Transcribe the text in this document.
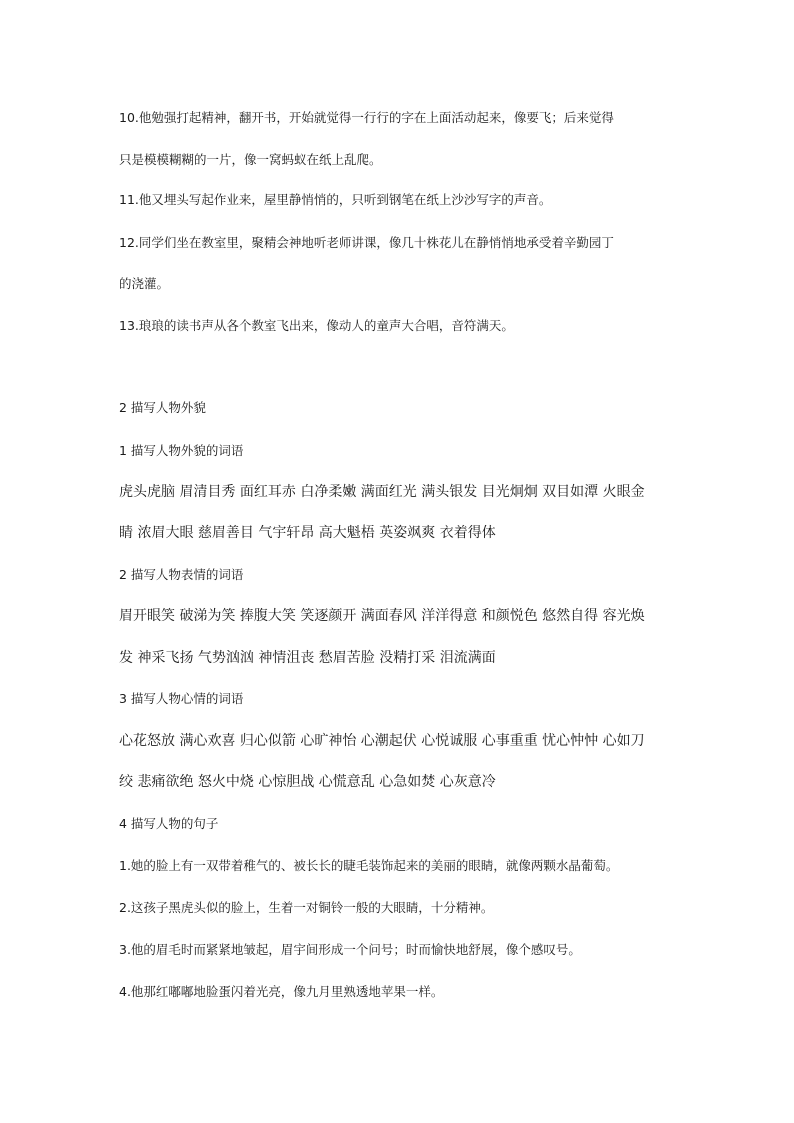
10.他勉强打起精神，翻开书，开始就觉得一行行的字在上面活动起来，像要飞；后来觉得
只是模模糊糊的一片，像一窝蚂蚁在纸上乱爬。
11.他又埋头写起作业来，屋里静悄悄的，只听到钢笔在纸上沙沙写字的声音。
12.同学们坐在教室里，聚精会神地听老师讲课，像几十株花儿在静悄悄地承受着辛勤园丁
的浇灌。
13.琅琅的读书声从各个教室飞出来，像动人的童声大合唱，音符满天。
2 描写人物外貌
1 描写人物外貌的词语
虎头虎脑 眉清目秀 面红耳赤 白净柔嫩 满面红光 满头银发 目光炯炯 双目如潭 火眼金
睛 浓眉大眼 慈眉善目 气宇轩昂 高大魁梧 英姿飒爽 衣着得体
2 描写人物表情的词语
眉开眼笑 破涕为笑 捧腹大笑 笑逐颜开 满面春风 洋洋得意 和颜悦色 悠然自得 容光焕
发 神采飞扬 气势汹汹 神情沮丧 愁眉苦脸 没精打采 泪流满面
3 描写人物心情的词语
心花怒放 满心欢喜 归心似箭 心旷神怡 心潮起伏 心悦诚服 心事重重 忧心忡忡 心如刀
绞 悲痛欲绝 怒火中烧 心惊胆战 心慌意乱 心急如焚 心灰意冷
4 描写人物的句子
1.她的脸上有一双带着稚气的、被长长的睫毛装饰起来的美丽的眼睛，就像两颗水晶葡萄。
2.这孩子黑虎头似的脸上，生着一对铜铃一般的大眼睛，十分精神。
3.他的眉毛时而紧紧地皱起，眉宇间形成一个问号；时而愉快地舒展，像个感叹号。
4.他那红嘟嘟地脸蛋闪着光亮，像九月里熟透地苹果一样。
